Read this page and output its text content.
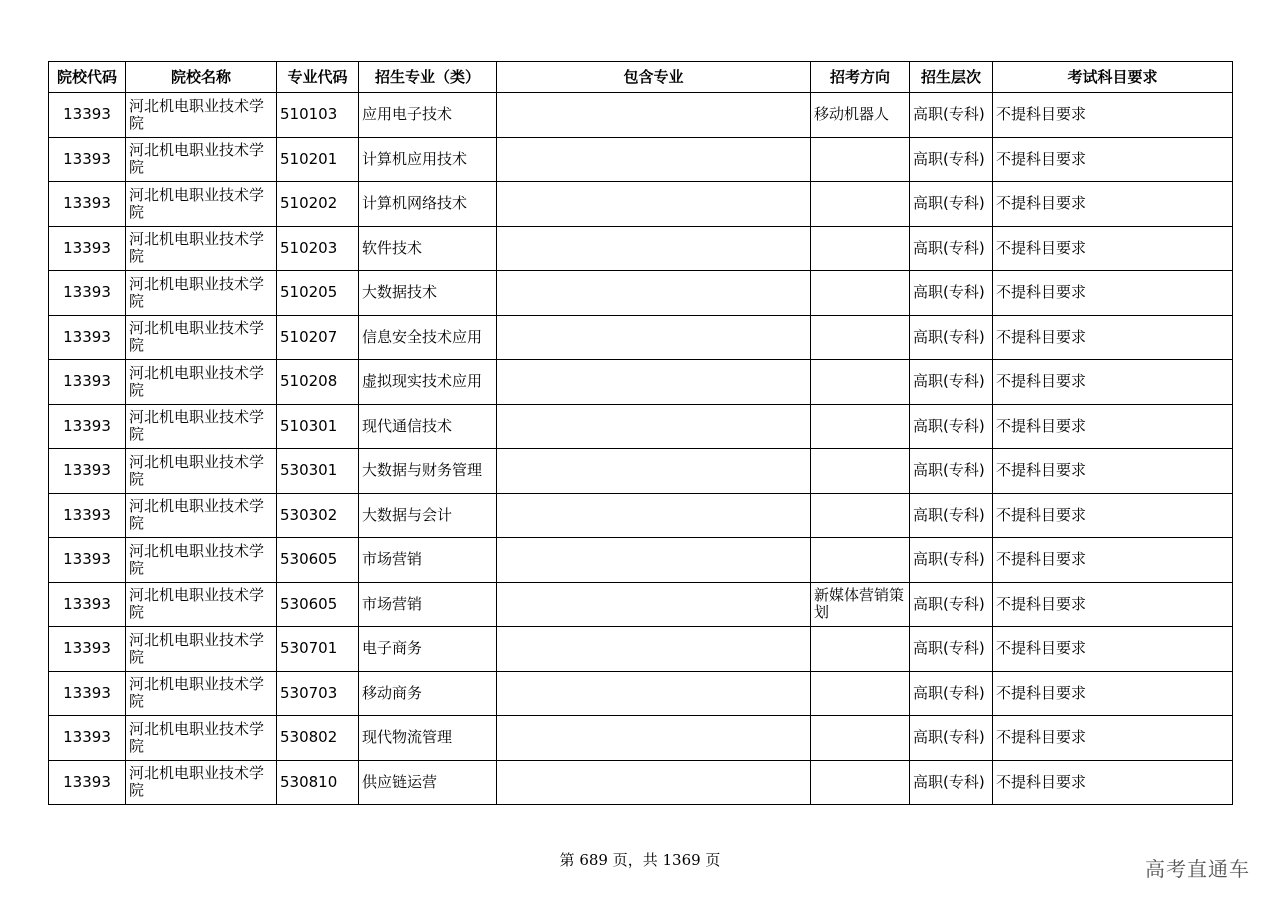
院校代码	院校名称	专业代码	招生专业（类）	包含专业	招考方向	招生层次	考试科目要求
13393	河北机电职业技术学院	510103	应用电子技术		移动机器人	高职(专科)	不提科目要求
13393	河北机电职业技术学院	510201	计算机应用技术			高职(专科)	不提科目要求
13393	河北机电职业技术学院	510202	计算机网络技术			高职(专科)	不提科目要求
13393	河北机电职业技术学院	510203	软件技术			高职(专科)	不提科目要求
13393	河北机电职业技术学院	510205	大数据技术			高职(专科)	不提科目要求
13393	河北机电职业技术学院	510207	信息安全技术应用			高职(专科)	不提科目要求
13393	河北机电职业技术学院	510208	虚拟现实技术应用			高职(专科)	不提科目要求
13393	河北机电职业技术学院	510301	现代通信技术			高职(专科)	不提科目要求
13393	河北机电职业技术学院	530301	大数据与财务管理			高职(专科)	不提科目要求
13393	河北机电职业技术学院	530302	大数据与会计			高职(专科)	不提科目要求
13393	河北机电职业技术学院	530605	市场营销			高职(专科)	不提科目要求
13393	河北机电职业技术学院	530605	市场营销		新媒体营销策划	高职(专科)	不提科目要求
13393	河北机电职业技术学院	530701	电子商务			高职(专科)	不提科目要求
13393	河北机电职业技术学院	530703	移动商务			高职(专科)	不提科目要求
13393	河北机电职业技术学院	530802	现代物流管理			高职(专科)	不提科目要求
13393	河北机电职业技术学院	530810	供应链运营			高职(专科)	不提科目要求
第 689 页，共 1369 页	高考直通车
